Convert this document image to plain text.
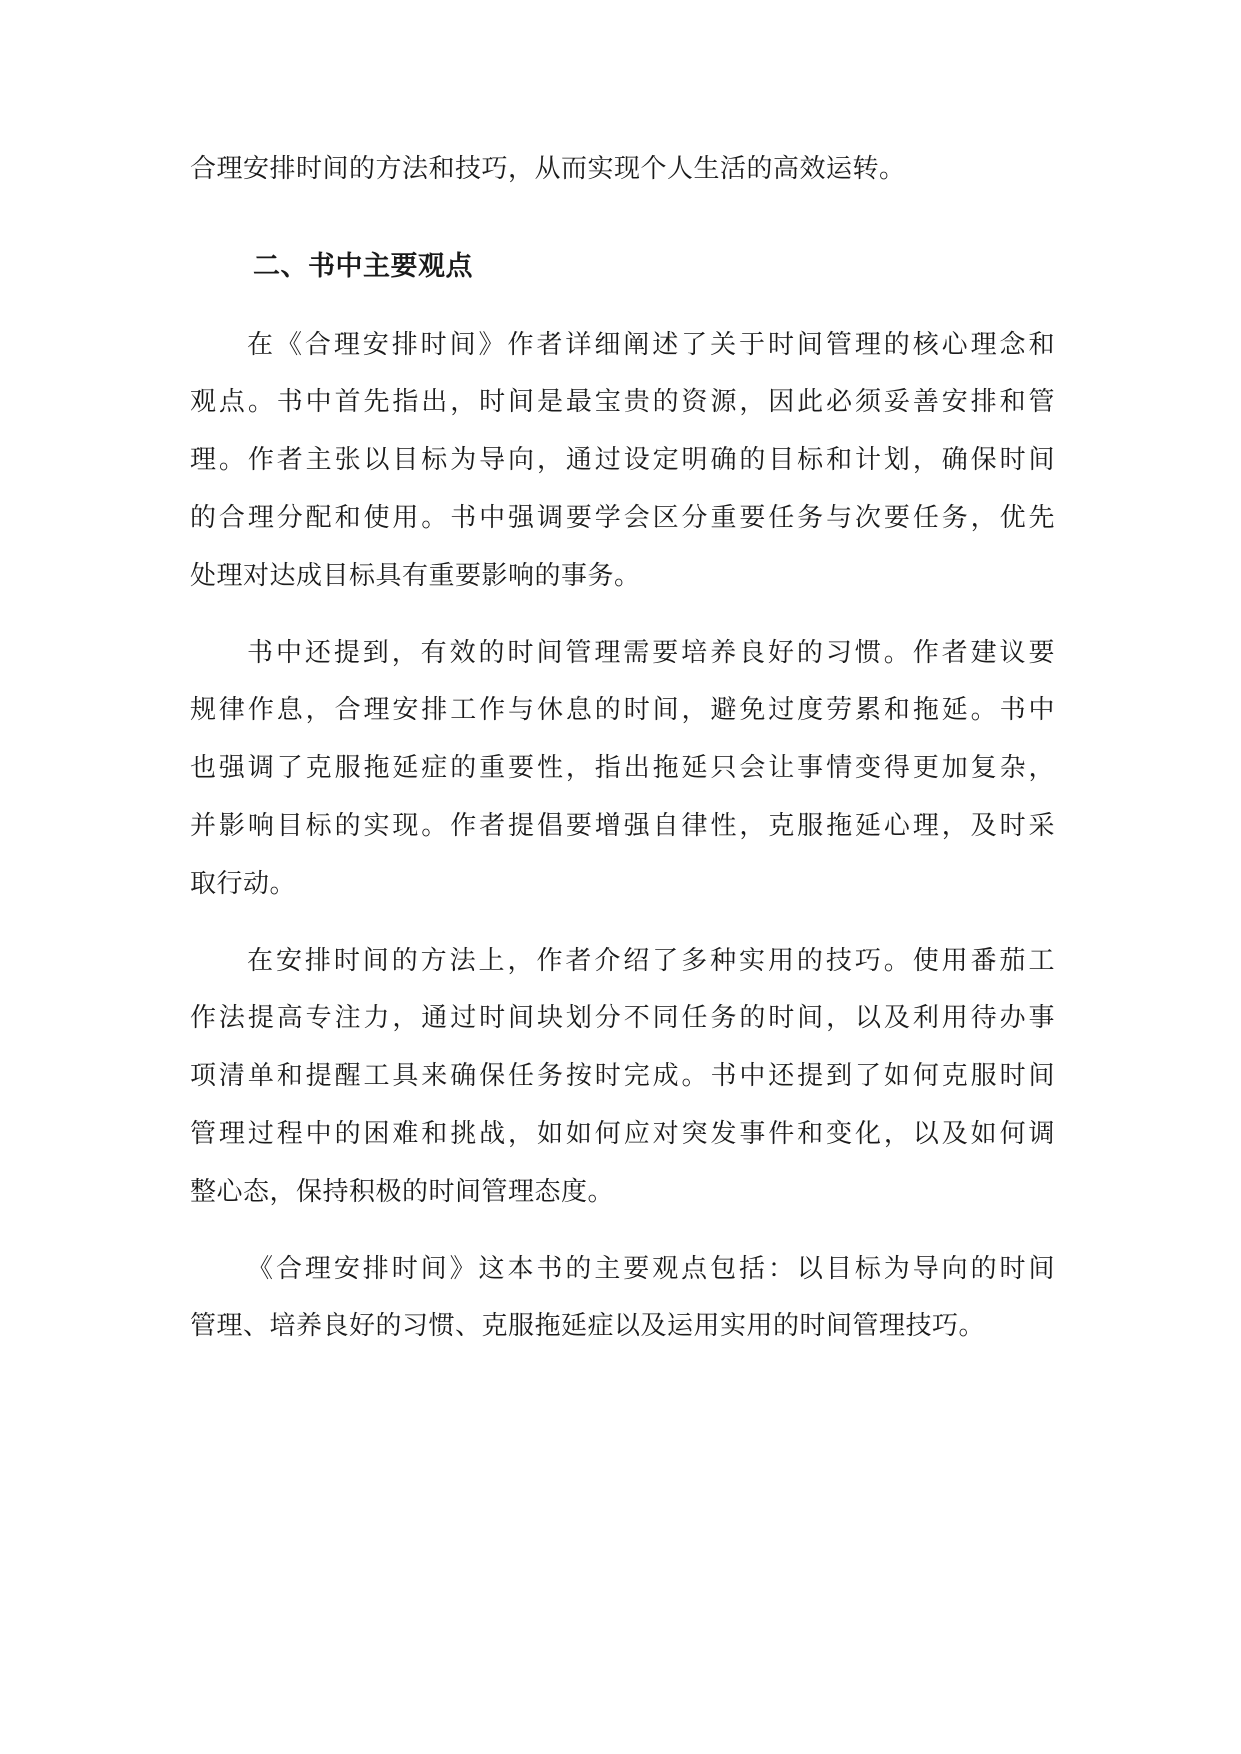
合理安排时间的方法和技巧，从而实现个人生活的高效运转。
二、书中主要观点
在《合理安排时间》作者详细阐述了关于时间管理的核心理念和
观点。书中首先指出，时间是最宝贵的资源，因此必须妥善安排和管
理。作者主张以目标为导向，通过设定明确的目标和计划，确保时间
的合理分配和使用。书中强调要学会区分重要任务与次要任务，优先
处理对达成目标具有重要影响的事务。
书中还提到，有效的时间管理需要培养良好的习惯。作者建议要
规律作息，合理安排工作与休息的时间，避免过度劳累和拖延。书中
也强调了克服拖延症的重要性，指出拖延只会让事情变得更加复杂，
并影响目标的实现。作者提倡要增强自律性，克服拖延心理，及时采
取行动。
在安排时间的方法上，作者介绍了多种实用的技巧。使用番茄工
作法提高专注力，通过时间块划分不同任务的时间，以及利用待办事
项清单和提醒工具来确保任务按时完成。书中还提到了如何克服时间
管理过程中的困难和挑战，如如何应对突发事件和变化，以及如何调
整心态，保持积极的时间管理态度。
《合理安排时间》这本书的主要观点包括：以目标为导向的时间
管理、培养良好的习惯、克服拖延症以及运用实用的时间管理技巧。
